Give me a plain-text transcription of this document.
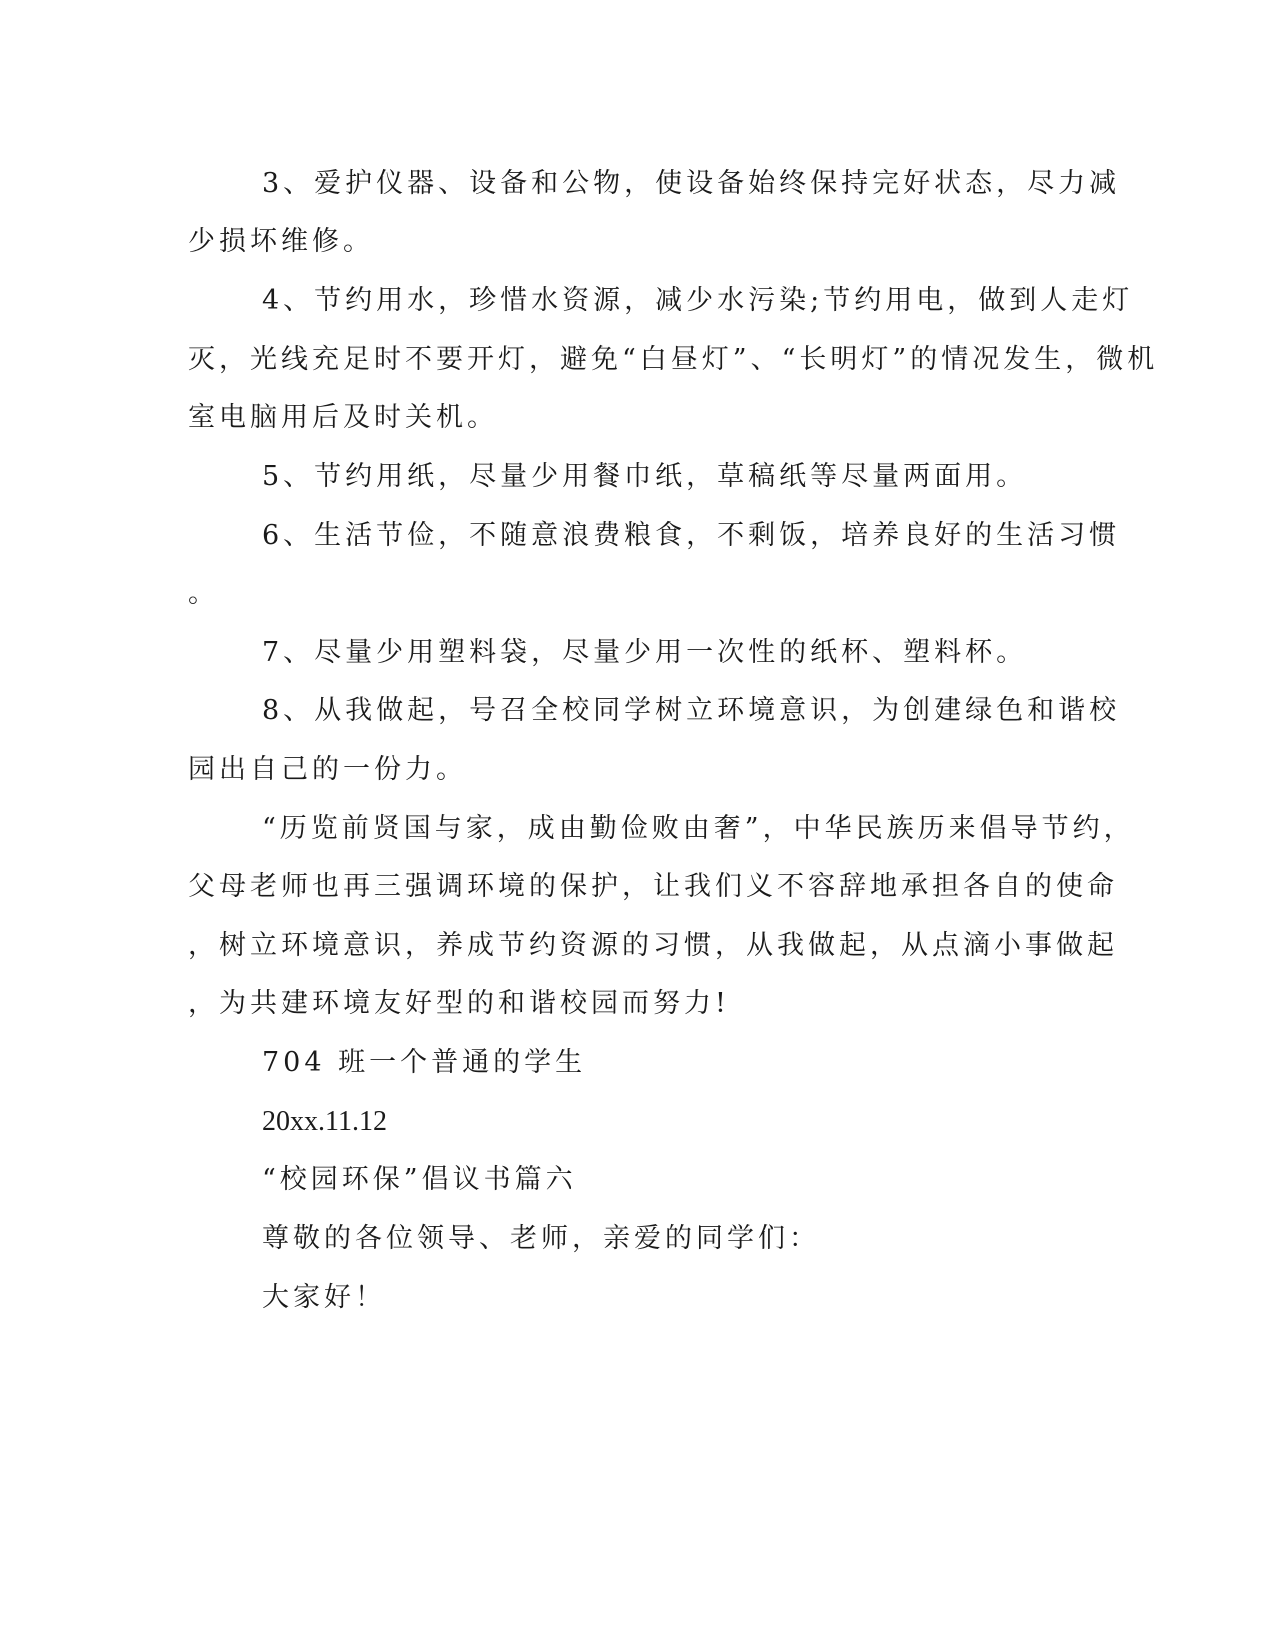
3、爱护仪器、设备和公物，使设备始终保持完好状态，尽力减
少损坏维修。
4、节约用水，珍惜水资源，减少水污染;节约用电，做到人走灯
灭，光线充足时不要开灯，避免“白昼灯”、“长明灯”的情况发生，微机
室电脑用后及时关机。
5、节约用纸，尽量少用餐巾纸，草稿纸等尽量两面用。
6、生活节俭，不随意浪费粮食，不剩饭，培养良好的生活习惯
。
7、尽量少用塑料袋，尽量少用一次性的纸杯、塑料杯。
8、从我做起，号召全校同学树立环境意识，为创建绿色和谐校
园出自己的一份力。
“历览前贤国与家，成由勤俭败由奢”，中华民族历来倡导节约，
父母老师也再三强调环境的保护，让我们义不容辞地承担各自的使命
，树立环境意识，养成节约资源的习惯，从我做起，从点滴小事做起
，为共建环境友好型的和谐校园而努力!
704 班一个普通的学生
20xx.11.12
“校园环保”倡议书篇六
尊敬的各位领导、老师，亲爱的同学们：
大家好！
